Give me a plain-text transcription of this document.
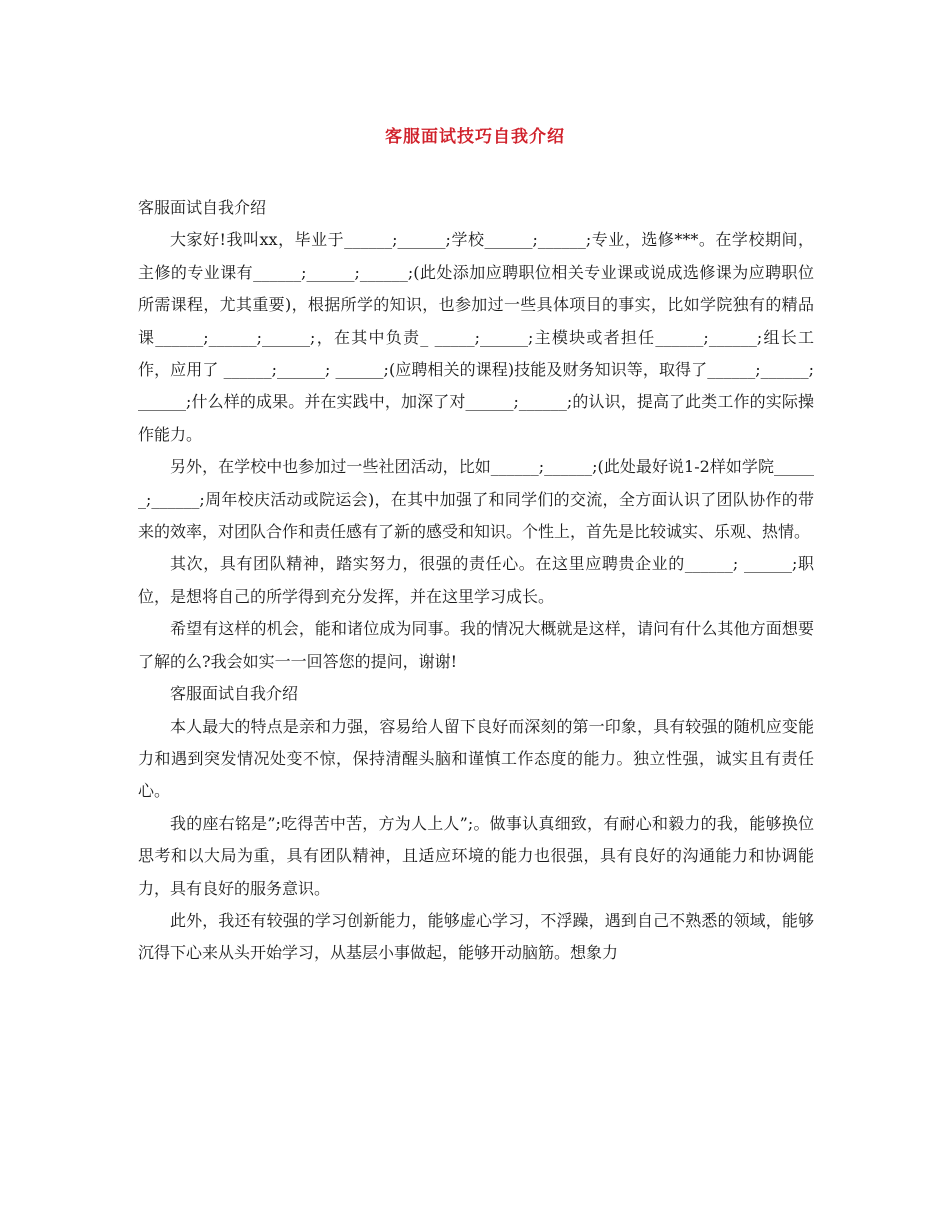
客服面试技巧自我介绍

客服面试自我介绍

大家好!我叫xx，毕业于______;______;学校______;______;专业，选修***。在学校期间，主修的专业课有______;______;______;(此处添加应聘职位相关专业课或说成选修课为应聘职位所需课程，尤其重要)，根据所学的知识，也参加过一些具体项目的事实，比如学院独有的精品课______;______;______;，在其中负责_ _____;______;主模块或者担任______;______;组长工作，应用了 ______;______; ______;(应聘相关的课程)技能及财务知识等，取得了______;______;______;什么样的成果。并在实践中，加深了对______;______;的认识，提高了此类工作的实际操作能力。

另外，在学校中也参加过一些社团活动，比如______;______;(此处最好说1-2样如学院______;______;周年校庆活动或院运会)，在其中加强了和同学们的交流，全方面认识了团队协作的带来的效率，对团队合作和责任感有了新的感受和知识。个性上，首先是比较诚实、乐观、热情。

其次，具有团队精神，踏实努力，很强的责任心。在这里应聘贵企业的______; ______;职位，是想将自己的所学得到充分发挥，并在这里学习成长。

希望有这样的机会，能和诸位成为同事。我的情况大概就是这样，请问有什么其他方面想要了解的么?我会如实一一回答您的提问，谢谢!

客服面试自我介绍

本人最大的特点是亲和力强，容易给人留下良好而深刻的第一印象，具有较强的随机应变能力和遇到突发情况处变不惊，保持清醒头脑和谨慎工作态度的能力。独立性强，诚实且有责任心。

我的座右铭是”;吃得苦中苦，方为人上人”;。做事认真细致，有耐心和毅力的我，能够换位思考和以大局为重，具有团队精神，且适应环境的能力也很强，具有良好的沟通能力和协调能力，具有良好的服务意识。

此外，我还有较强的学习创新能力，能够虚心学习，不浮躁，遇到自己不熟悉的领域，能够沉得下心来从头开始学习，从基层小事做起，能够开动脑筋。想象力
